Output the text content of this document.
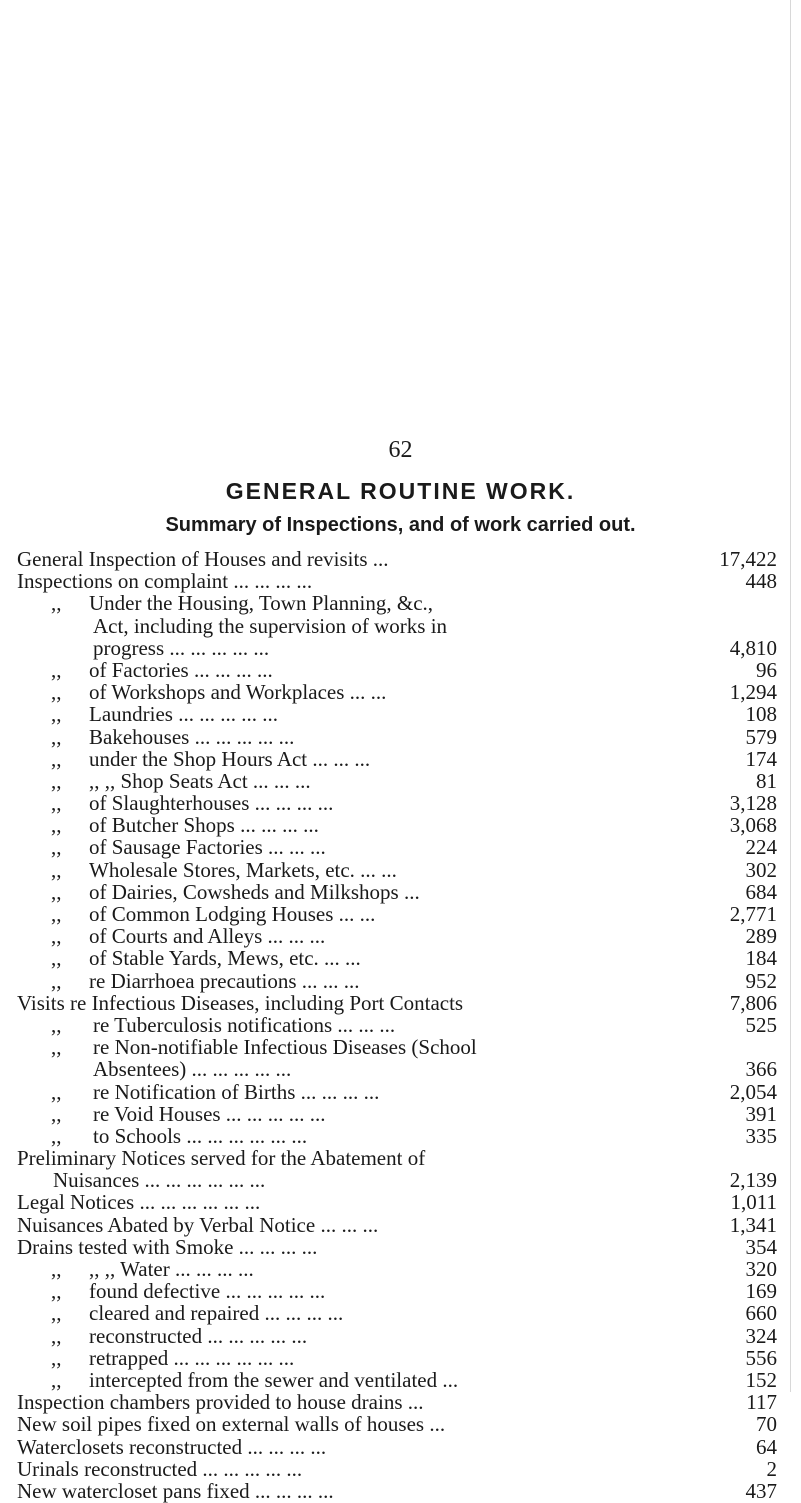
62
GENERAL ROUTINE WORK.
Summary of Inspections, and of work carried out.
General Inspection of Houses and revisits ...	17,422
Inspections on complaint ... ... ... ...	448
,, Under the Housing, Town Planning, &c.,
Act, including the supervision of works in
progress ... ... ... ... ...	4,810
,, of Factories ... ... ... ...	96
,, of Workshops and Workplaces ... ...	1,294
,, Laundries ... ... ... ... ...	108
,, Bakehouses ... ... ... ... ...	579
,, under the Shop Hours Act ... ... ...	174
,, ,, ,, Shop Seats Act ... ... ...	81
,, of Slaughterhouses ... ... ... ...	3,128
,, of Butcher Shops ... ... ... ...	3,068
,, of Sausage Factories ... ... ...	224
,, Wholesale Stores, Markets, etc. ... ...	302
,, of Dairies, Cowsheds and Milkshops ...	684
,, of Common Lodging Houses ... ...	2,771
,, of Courts and Alleys ... ... ...	289
,, of Stable Yards, Mews, etc. ... ...	184
,, re Diarrhoea precautions ... ... ...	952
Visits re Infectious Diseases, including Port Contacts	7,806
,, re Tuberculosis notifications ... ... ...	525
,, re Non-notifiable Infectious Diseases (School
Absentees) ... ... ... ... ...	366
,, re Notification of Births ... ... ... ...	2,054
,, re Void Houses ... ... ... ... ...	391
,, to Schools ... ... ... ... ... ...	335
Preliminary Notices served for the Abatement of
Nuisances ... ... ... ... ... ...	2,139
Legal Notices ... ... ... ... ... ...	1,011
Nuisances Abated by Verbal Notice ... ... ...	1,341
Drains tested with Smoke ... ... ... ...	354
,, ,, ,, Water ... ... ... ...	320
,, found defective ... ... ... ... ...	169
,, cleared and repaired ... ... ... ...	660
,, reconstructed ... ... ... ... ...	324
,, retrapped ... ... ... ... ... ...	556
,, intercepted from the sewer and ventilated ...	152
Inspection chambers provided to house drains ...	117
New soil pipes fixed on external walls of houses ...	70
Waterclosets reconstructed ... ... ... ...	64
Urinals reconstructed ... ... ... ... ...	2
New watercloset pans fixed ... ... ... ...	437
